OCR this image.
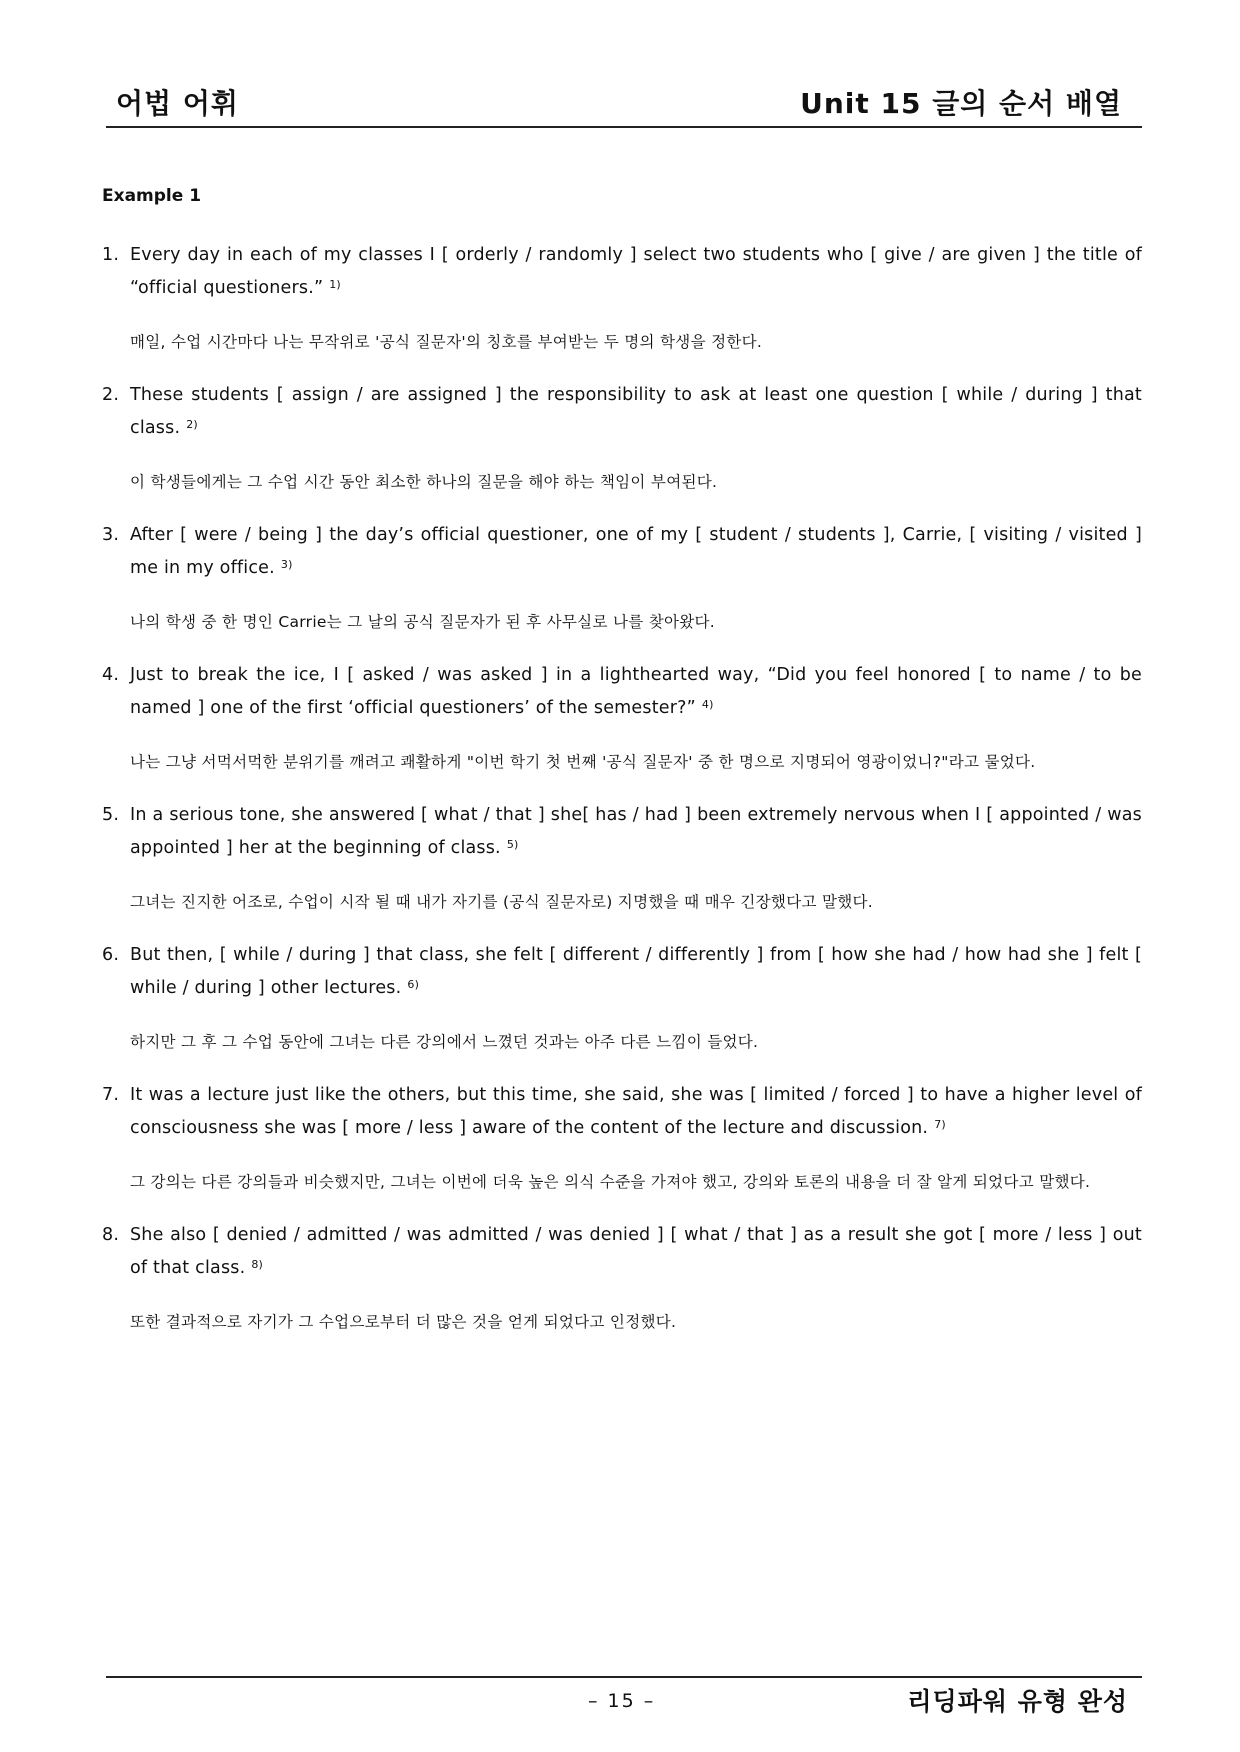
어법 어휘	Unit 15 글의 순서 배열
Example 1
1. Every day in each of my classes I [ orderly / randomly ] select two students who [ give / are given ] the title of “official questioners.” $^{1)}$
매일, 수업 시간마다 나는 무작위로 '공식 질문자'의 칭호를 부여받는 두 명의 학생을 정한다.
2. These students [ assign / are assigned ] the responsibility to ask at least one question [ while / during ] that class. $^{2)}$
이 학생들에게는 그 수업 시간 동안 최소한 하나의 질문을 해야 하는 책임이 부여된다.
3. After [ were / being ] the day’s official questioner, one of my [ student / students ], Carrie, [ visiting / visited ] me in my office. $^{3)}$
나의 학생 중 한 명인 Carrie는 그 날의 공식 질문자가 된 후 사무실로 나를 찾아왔다.
4. Just to break the ice, I [ asked / was asked ] in a lighthearted way, “Did you feel honored [ to name / to be named ] one of the first ‘official questioners’ of the semester?” $^{4)}$
나는 그냥 서먹서먹한 분위기를 깨려고 쾌활하게 "이번 학기 첫 번째 '공식 질문자' 중 한 명으로 지명되어 영광이었니?"라고 물었다.
5. In a serious tone, she answered [ what / that ] she[ has / had ] been extremely nervous when I [ appointed / was appointed ] her at the beginning of class. $^{5)}$
그녀는 진지한 어조로, 수업이 시작 될 때 내가 자기를 (공식 질문자로) 지명했을 때 매우 긴장했다고 말했다.
6. But then, [ while / during ] that class, she felt [ different / differently ] from [ how she had / how had she ] felt [ while / during ] other lectures. $^{6)}$
하지만 그 후 그 수업 동안에 그녀는 다른 강의에서 느꼈던 것과는 아주 다른 느낌이 들었다.
7. It was a lecture just like the others, but this time, she said, she was [ limited / forced ] to have a higher level of consciousness she was [ more / less ] aware of the content of the lecture and discussion. $^{7)}$
그 강의는 다른 강의들과 비슷했지만, 그녀는 이번에 더욱 높은 의식 수준을 가져야 했고, 강의와 토론의 내용을 더 잘 알게 되었다고 말했다.
8. She also [ denied / admitted / was admitted / was denied ] [ what / that ] as a result she got [ more / less ] out of that class. $^{8)}$
또한 결과적으로 자기가 그 수업으로부터 더 많은 것을 얻게 되었다고 인정했다.
– 15 –	리딩파워 유형 완성
